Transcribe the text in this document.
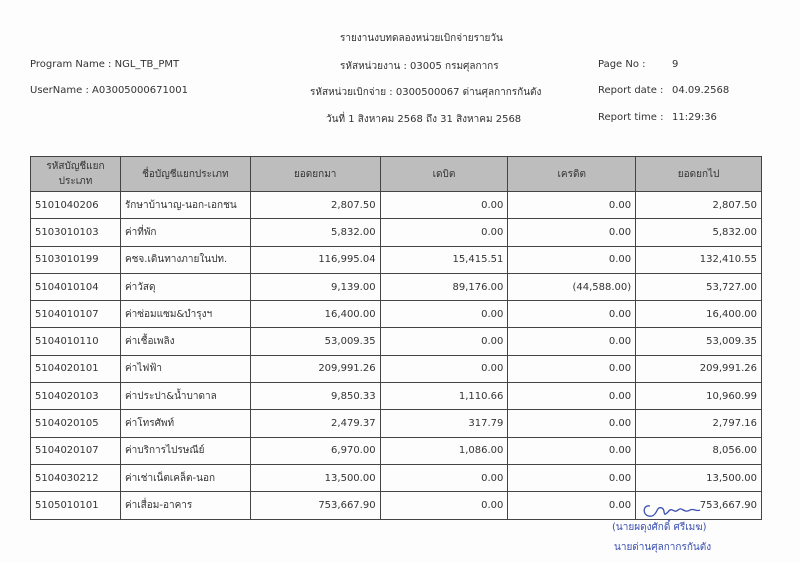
รายงานงบทดลองหน่วยเบิกจ่ายรายวัน
Program Name : NGL_TB_PMT
UserName : A03005000671001
รหัสหน่วยงาน : 03005 กรมศุลกากร
รหัสหน่วยเบิกจ่าย : 0300500067 ด่านศุลกากรกันตัง
วันที่ 1 สิงหาคม 2568 ถึง 31 สิงหาคม 2568
Page No :	9
Report date : 04.09.2568
Report time : 11:29:36
รหัสบัญชีแยกประเภท	ชื่อบัญชีแยกประเภท	ยอดยกมา	เดบิต	เครดิต	ยอดยกไป
5101040206	รักษาบ้านาญ-นอก-เอกชน	2,807.50	0.00	0.00	2,807.50
5103010103	ค่าที่พัก	5,832.00	0.00	0.00	5,832.00
5103010199	คชจ.เดินทางภายในปท.	116,995.04	15,415.51	0.00	132,410.55
5104010104	ค่าวัสดุ	9,139.00	89,176.00	(44,588.00)	53,727.00
5104010107	ค่าซ่อมแซม&บำรุงฯ	16,400.00	0.00	0.00	16,400.00
5104010110	ค่าเชื้อเพลิง	53,009.35	0.00	0.00	53,009.35
5104020101	ค่าไฟฟ้า	209,991.26	0.00	0.00	209,991.26
5104020103	ค่าประปา&น้ำบาดาล	9,850.33	1,110.66	0.00	10,960.99
5104020105	ค่าโทรศัพท์	2,479.37	317.79	0.00	2,797.16
5104020107	ค่าบริการไปรษณีย์	6,970.00	1,086.00	0.00	8,056.00
5104030212	ค่าเช่าเน็ตเคล็ต-นอก	13,500.00	0.00	0.00	13,500.00
5105010101	ค่าเสื่อม-อาคาร	753,667.90	0.00	0.00	753,667.90
(นายผดุงศักดิ์ ศรีเมฆ)
นายด่านศุลกากรกันตัง
